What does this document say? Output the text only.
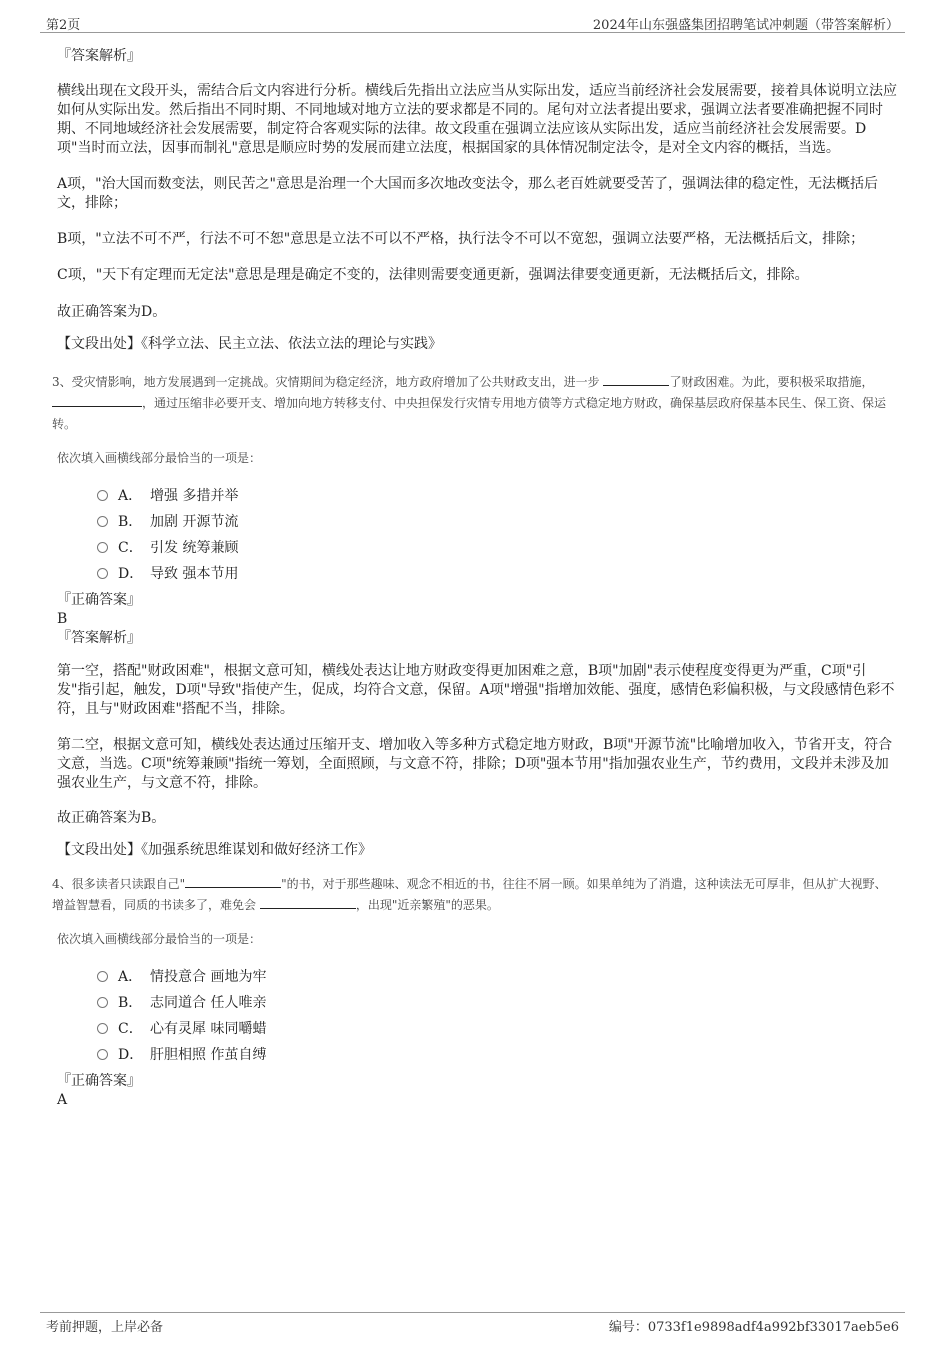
第2页	2024年山东强盛集团招聘笔试冲刺题（带答案解析）

『答案解析』

横线出现在文段开头，需结合后文内容进行分析。横线后先指出立法应当从实际出发，适应当前经济社会发展需要，接着具体说明立法应如何从实际出发。然后指出不同时期、不同地域对地方立法的要求都是不同的。尾句对立法者提出要求，强调立法者要准确把握不同时期、不同地域经济社会发展需要，制定符合客观实际的法律。故文段重在强调立法应该从实际出发，适应当前经济社会发展需要。D项"当时而立法，因事而制礼"意思是顺应时势的发展而建立法度，根据国家的具体情况制定法令，是对全文内容的概括，当选。

A项，"治大国而数变法，则民苦之"意思是治理一个大国而多次地改变法令，那么老百姓就要受苦了，强调法律的稳定性，无法概括后文，排除；

B项，"立法不可不严，行法不可不恕"意思是立法不可以不严格，执行法令不可以不宽恕，强调立法要严格，无法概括后文，排除；

C项，"天下有定理而无定法"意思是理是确定不变的，法律则需要变通更新，强调法律要变通更新，无法概括后文，排除。

故正确答案为D。

【文段出处】《科学立法、民主立法、依法立法的理论与实践》

3、受灾情影响，地方发展遇到一定挑战。灾情期间为稳定经济，地方政府增加了公共财政支出，进一步	了财政困难。为此，要积极采取措施， ，通过压缩非必要开支、增加向地方转移支付、中央担保发行灾情专用地方债等方式稳定地方财政，确保基层政府保基本民生、保工资、保运转。

依次填入画横线部分最恰当的一项是：

A． 增强 多措并举
B． 加剧 开源节流
C． 引发 统筹兼顾
D． 导致 强本节用

『正确答案』

B

『答案解析』

第一空，搭配"财政困难"，根据文意可知，横线处表达让地方财政变得更加困难之意，B项"加剧"表示使程度变得更为严重，C项"引发"指引起，触发，D项"导致"指使产生，促成，均符合文意，保留。A项"增强"指增加效能、强度，感情色彩偏积极，与文段感情色彩不符，且与"财政困难"搭配不当，排除。

第二空，根据文意可知，横线处表达通过压缩开支、增加收入等多种方式稳定地方财政，B项"开源节流"比喻增加收入，节省开支，符合文意，当选。C项"统筹兼顾"指统一筹划，全面照顾，与文意不符，排除；D项"强本节用"指加强农业生产，节约费用，文段并未涉及加强农业生产，与文意不符，排除。

故正确答案为B。

【文段出处】《加强系统思维谋划和做好经济工作》

4、很多读者只读跟自己"	"的书，对于那些趣味、观念不相近的书，往往不屑一顾。如果单纯为了消遣，这种读法无可厚非，但从扩大视野、增益智慧看，同质的书读多了，难免会	，出现"近亲繁殖"的恶果。

依次填入画横线部分最恰当的一项是：

A． 情投意合 画地为牢
B． 志同道合 任人唯亲
C． 心有灵犀 味同嚼蜡
D． 肝胆相照 作茧自缚

『正确答案』

A

考前押题，上岸必备	编号：0733f1e9898adf4a992bf33017aeb5e6
